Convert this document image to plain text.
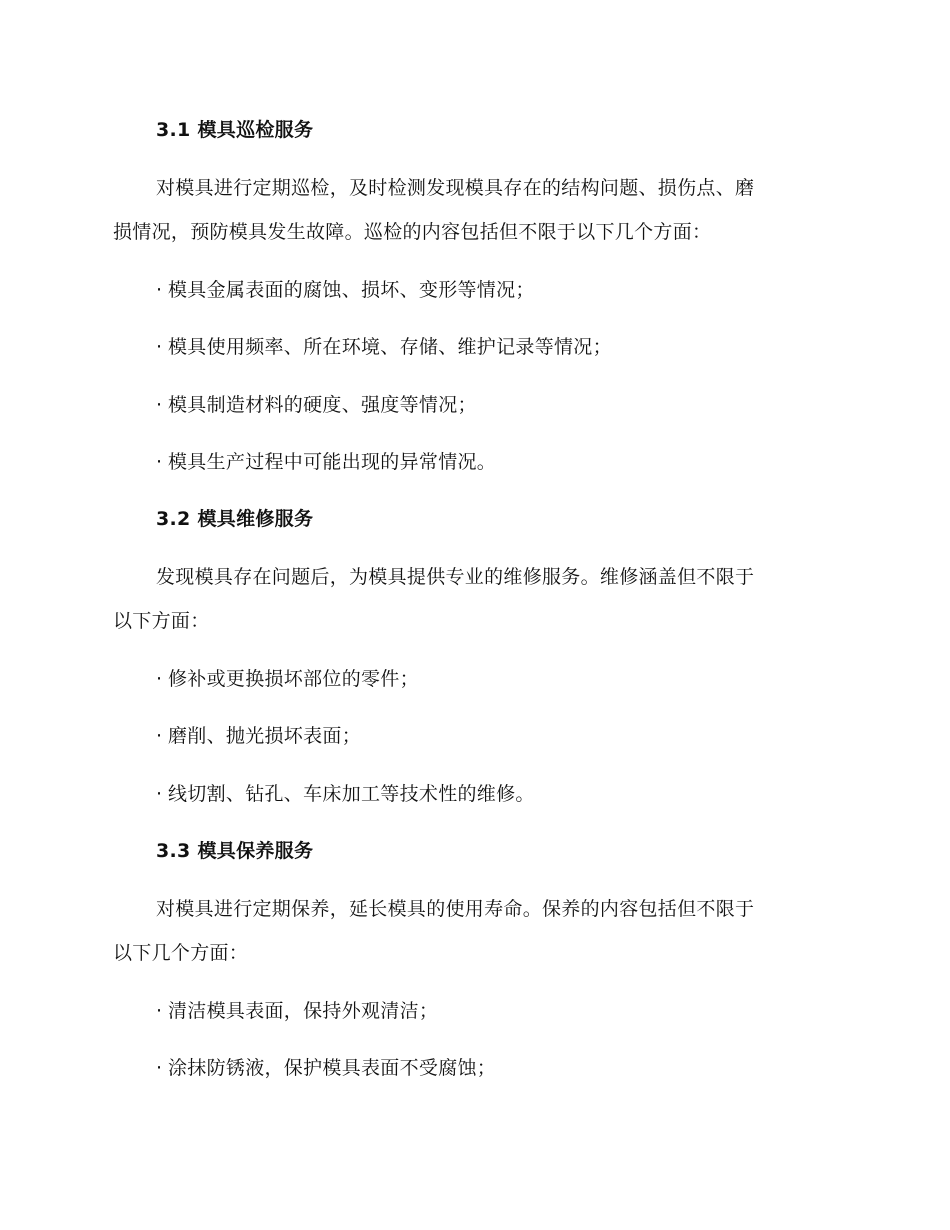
3.1 模具巡检服务
对模具进行定期巡检，及时检测发现模具存在的结构问题、损伤点、磨
损情况，预防模具发生故障。巡检的内容包括但不限于以下几个方面：
· 模具金属表面的腐蚀、损坏、变形等情况；
· 模具使用频率、所在环境、存储、维护记录等情况；
· 模具制造材料的硬度、强度等情况；
· 模具生产过程中可能出现的异常情况。
3.2 模具维修服务
发现模具存在问题后，为模具提供专业的维修服务。维修涵盖但不限于
以下方面：
· 修补或更换损坏部位的零件；
· 磨削、抛光损坏表面；
· 线切割、钻孔、车床加工等技术性的维修。
3.3 模具保养服务
对模具进行定期保养，延长模具的使用寿命。保养的内容包括但不限于
以下几个方面：
· 清洁模具表面，保持外观清洁；
· 涂抹防锈液，保护模具表面不受腐蚀；
